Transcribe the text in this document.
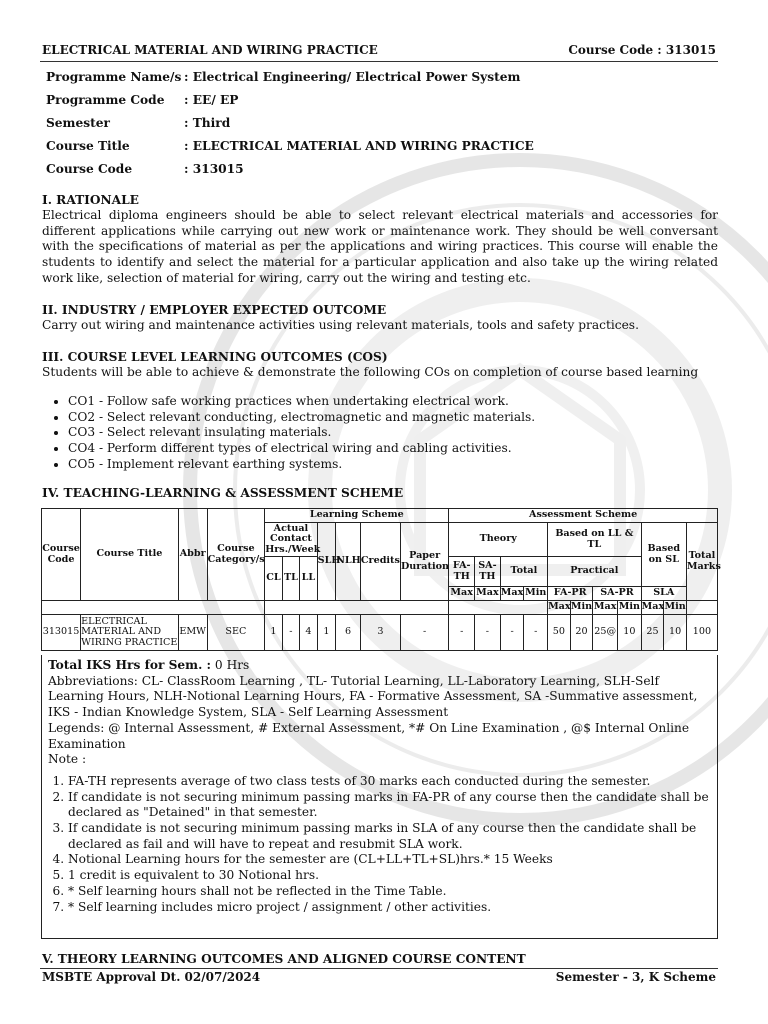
ELECTRICAL MATERIAL AND WIRING PRACTICE	Course Code : 313015
Programme Name/s	: Electrical Engineering/ Electrical Power System
Programme Code	: EE/ EP
Semester	: Third
Course Title	: ELECTRICAL MATERIAL AND WIRING PRACTICE
Course Code	: 313015
I. RATIONALE
Electrical diploma engineers should be able to select relevant electrical materials and accessories for different applications while carrying out new work or maintenance work. They should be well conversant with the specifications of material as per the applications and wiring practices. This course will enable the students to identify and select the material for a particular application and also take up the wiring related work like, selection of material for wiring, carry out the wiring and testing etc.
II. INDUSTRY / EMPLOYER EXPECTED OUTCOME
Carry out wiring and maintenance activities using relevant materials, tools and safety practices.
III. COURSE LEVEL LEARNING OUTCOMES (COS)
Students will be able to achieve & demonstrate the following COs on completion of course based learning
• CO1 - Follow safe working practices when undertaking electrical work.
• CO2 - Select relevant conducting, electromagnetic and magnetic materials.
• CO3 - Select relevant insulating materials.
• CO4 - Perform different types of electrical wiring and cabling activities.
• CO5 - Implement relevant earthing systems.
IV. TEACHING-LEARNING & ASSESSMENT SCHEME
Course Code	Course Title	Abbr	Course Category/s	Learning Scheme							Assessment Scheme										
				Actual Contact Hrs./Week			SLH	NLH	Credits	Paper Duration	Theory				Based on LL & TL				Based on SL		Total Marks

				CL	TL	LL					FA- TH	SA- TH	Total		Practical						
											Max	Max	Max	Min	FA-PR		SA-PR		SLA		
															Max	Min	Max	Min	Max	Min	
313015	ELECTRICAL MATERIAL AND WIRING PRACTICE	EMW	SEC	1	-	4	1	6	3	-	-	-	-	-	50	20	25@	10	25	10	100

Total IKS Hrs for Sem. : 0 Hrs

Abbreviations: CL- ClassRoom Learning , TL- Tutorial Learning, LL-Laboratory Learning, SLH-Self Learning Hours, NLH-Notional Learning Hours, FA - Formative Assessment, SA -Summative assessment, IKS - Indian Knowledge System, SLA - Self Learning Assessment

Legends: @ Internal Assessment, # External Assessment, *# On Line Examination , @$ Internal Online Examination

Note :

1. FA-TH represents average of two class tests of 30 marks each conducted during the semester.
2. If candidate is not securing minimum passing marks in FA-PR of any course then the candidate shall be declared as "Detained" in that semester.
3. If candidate is not securing minimum passing marks in SLA of any course then the candidate shall be declared as fail and will have to repeat and resubmit SLA work.
4. Notional Learning hours for the semester are (CL+LL+TL+SL)hrs.* 15 Weeks
5. 1 credit is equivalent to 30 Notional hrs.
6. * Self learning hours shall not be reflected in the Time Table.
7. * Self learning includes micro project / assignment / other activities.
V. THEORY LEARNING OUTCOMES AND ALIGNED COURSE CONTENT
MSBTE Approval Dt. 02/07/2024	Semester - 3, K Scheme
